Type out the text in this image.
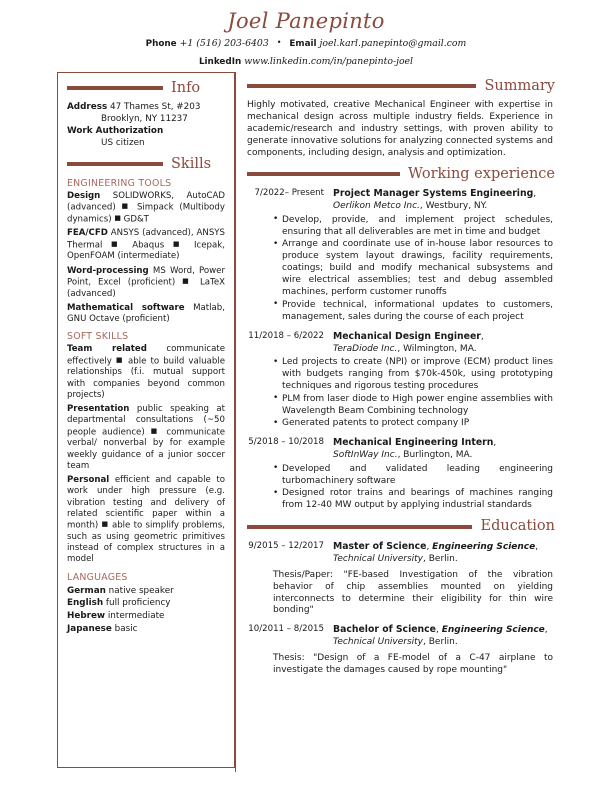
Joel Panepinto
Phone +1 (516) 203-6403 • Email joel.karl.panepinto@gmail.com
LinkedIn www.linkedin.com/in/panepinto-joel
Info
Address 47 Thames St, #203
Brooklyn, NY 11237
Work Authorization
US citizen
Skills
ENGINEERING TOOLS
Design SOLIDWORKS, AutoCAD (advanced) ■ Simpack (Multibody dynamics) ■ GD&T
FEA/CFD ANSYS (advanced), ANSYS Thermal ■ Abaqus ■ Icepak, OpenFOAM (intermediate)
Word-processing MS Word, Power Point, Excel (proficient) ■ LaTeX (advanced)
Mathematical software Matlab, GNU Octave (proficient)
SOFT SKILLS
Team related communicate effectively ■ able to build valuable relationships (f.i. mutual support with companies beyond common projects)
Presentation public speaking at departmental consultations (~50 people audience) ■ communicate verbal/ nonverbal by for example weekly guidance of a junior soccer team
Personal efficient and capable to work under high pressure (e.g. vibration testing and delivery of related scientific paper within a month) ■ able to simplify problems, such as using geometric primitives instead of complex structures in a model
LANGUAGES
German native speaker
English full proficiency
Hebrew intermediate
Japanese basic
Summary
Highly motivated, creative Mechanical Engineer with expertise in mechanical design across multiple industry fields. Experience in academic/research and industry settings, with proven ability to generate innovative solutions for analyzing connected systems and components, including design, analysis and optimization.
Working experience
7/2022– Present Project Manager Systems Engineering,
Oerlikon Metco Inc., Westbury, NY.
• Develop, provide, and implement project schedules, ensuring that all deliverables are met in time and budget
• Arrange and coordinate use of in-house labor resources to produce system layout drawings, facility requirements, coatings; build and modify mechanical subsystems and wire electrical assemblies; test and debug assembled machines, perform customer runoffs
• Provide technical, informational updates to customers, management, sales during the course of each project
11/2018 – 6/2022 Mechanical Design Engineer,
TeraDiode Inc., Wilmington, MA.
• Led projects to create (NPI) or improve (ECM) product lines with budgets ranging from $70k-450k, using prototyping techniques and rigorous testing procedures
• PLM from laser diode to High power engine assemblies with Wavelength Beam Combining technology
• Generated patents to protect company IP
5/2018 – 10/2018 Mechanical Engineering Intern,
SoftInWay Inc., Burlington, MA.
• Developed and validated leading engineering turbomachinery software
• Designed rotor trains and bearings of machines ranging from 12-40 MW output by applying industrial standards
Education
9/2015 – 12/2017 Master of Science, Engineering Science, Technical University, Berlin.
Thesis/Paper: "FE-based Investigation of the vibration behavior of chip assemblies mounted on yielding interconnects to determine their eligibility for thin wire bonding"
10/2011 – 8/2015 Bachelor of Science, Engineering Science, Technical University, Berlin.
Thesis: "Design of a FE-model of a C-47 airplane to investigate the damages caused by rope mounting"
